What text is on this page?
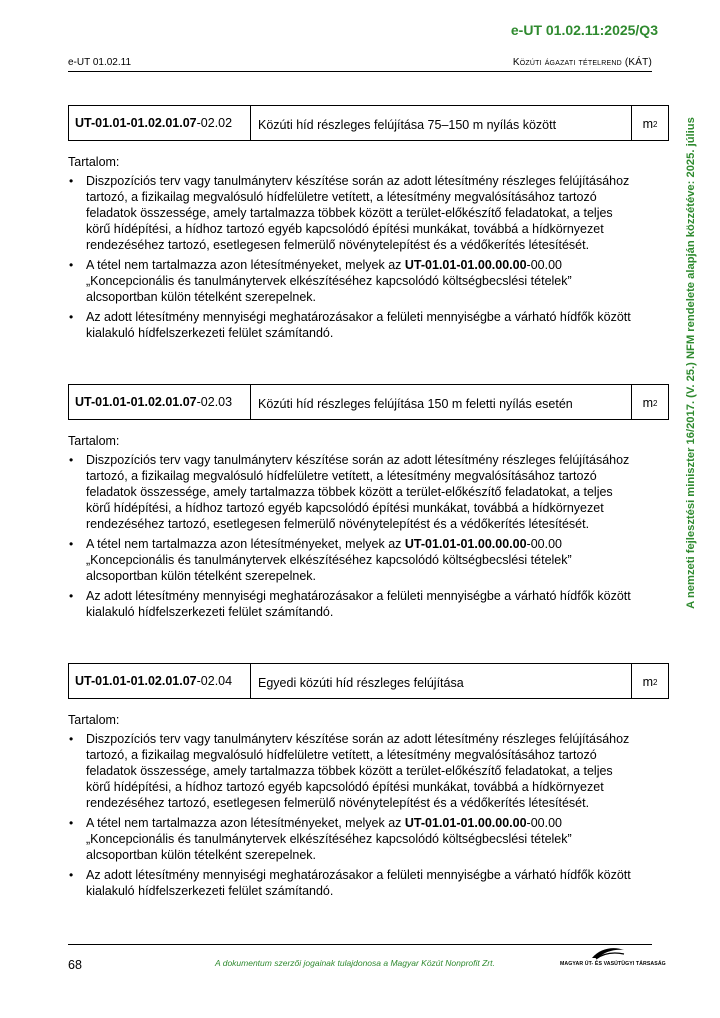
e-UT 01.02.11:2025/Q3
e-UT 01.02.11	Közúti ágazati tételrend (KÁT)
A nemzeti fejlesztési miniszter 16/2017. (V. 25.) NFM rendelete alapján közzétéve: 2025. július
UT-01.01-01.02.01.07 -02.02	Közúti híd részleges felújítása 75–150 m nyílás között	m 2

Tartalom:

• Diszpozíciós terv vagy tanulmányterv készítése során az adott létesítmény részleges felújításához tartozó, a fizikailag megvalósuló hídfelületre vetített, a létesítmény megvalósításához tartozó feladatok összessége, amely tartalmazza többek között a terület-előkészítő feladatokat, a teljes körű hídépítési, a hídhoz tartozó egyéb kapcsolódó építési munkákat, továbbá a hídkörnyezet rendezéséhez tartozó, esetlegesen felmerülő növénytelepítést és a védőkerítés létesítését.
• A tétel nem tartalmazza azon létesítményeket, melyek az UT-01.01-01.00.00.00-00.00 „Koncepcionális és tanulmánytervek elkészítéséhez kapcsolódó költségbecslési tételek” alcsoportban külön tételként szerepelnek.
• Az adott létesítmény mennyiségi meghatározásakor a felületi mennyiségbe a várható hídfők között kialakuló hídfelszerkezeti felület számítandó.
UT-01.01-01.02.01.07 -02.03	Közúti híd részleges felújítása 150 m feletti nyílás esetén	m 2

Tartalom:

• Diszpozíciós terv vagy tanulmányterv készítése során az adott létesítmény részleges felújításához tartozó, a fizikailag megvalósuló hídfelületre vetített, a létesítmény megvalósításához tartozó feladatok összessége, amely tartalmazza többek között a terület-előkészítő feladatokat, a teljes körű hídépítési, a hídhoz tartozó egyéb kapcsolódó építési munkákat, továbbá a hídkörnyezet rendezéséhez tartozó, esetlegesen felmerülő növénytelepítést és a védőkerítés létesítését.
• A tétel nem tartalmazza azon létesítményeket, melyek az UT-01.01-01.00.00.00-00.00 „Koncepcionális és tanulmánytervek elkészítéséhez kapcsolódó költségbecslési tételek” alcsoportban külön tételként szerepelnek.
• Az adott létesítmény mennyiségi meghatározásakor a felületi mennyiségbe a várható hídfők között kialakuló hídfelszerkezeti felület számítandó.
UT-01.01-01.02.01.07 -02.04	Egyedi közúti híd részleges felújítása	m 2

Tartalom:

• Diszpozíciós terv vagy tanulmányterv készítése során az adott létesítmény részleges felújításához tartozó, a fizikailag megvalósuló hídfelületre vetített, a létesítmény megvalósításához tartozó feladatok összessége, amely tartalmazza többek között a terület-előkészítő feladatokat, a teljes körű hídépítési, a hídhoz tartozó egyéb kapcsolódó építési munkákat, továbbá a hídkörnyezet rendezéséhez tartozó, esetlegesen felmerülő növénytelepítést és a védőkerítés létesítését.
• A tétel nem tartalmazza azon létesítményeket, melyek az UT-01.01-01.00.00.00-00.00 „Koncepcionális és tanulmánytervek elkészítéséhez kapcsolódó költségbecslési tételek” alcsoportban külön tételként szerepelnek.
• Az adott létesítmény mennyiségi meghatározásakor a felületi mennyiségbe a várható hídfők között kialakuló hídfelszerkezeti felület számítandó.
68	A dokumentum szerzői jogainak tulajdonosa a Magyar Közút Nonprofit Zrt.	MAGYAR ÚT- ÉS VASÚTÜGYI TÁRSASÁG
